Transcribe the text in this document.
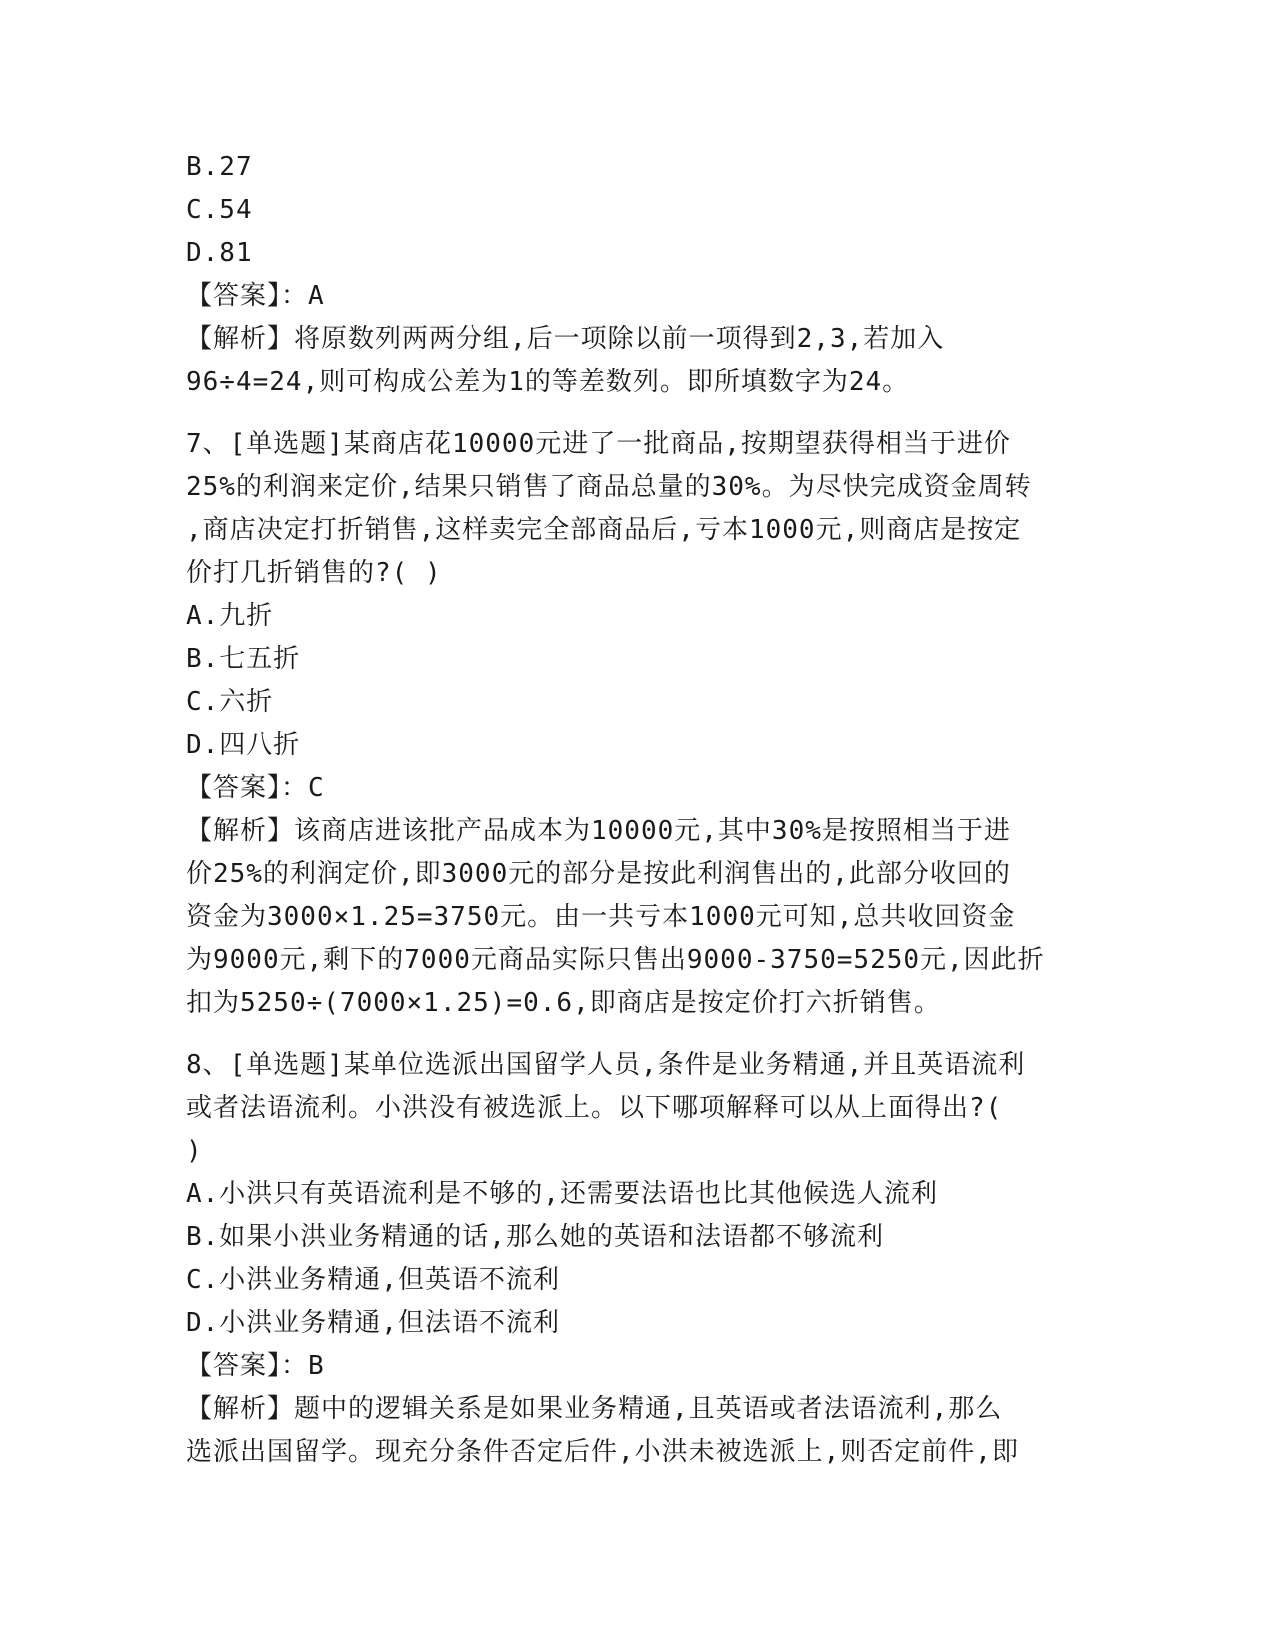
B.27
C.54
D.81
【答案】：A
【解析】将原数列两两分组,后一项除以前一项得到2,3,若加入
96÷4=24,则可构成公差为1的等差数列。即所填数字为24。
7、[单选题]某商店花10000元进了一批商品,按期望获得相当于进价
25%的利润来定价,结果只销售了商品总量的30%。为尽快完成资金周转
,商店决定打折销售,这样卖完全部商品后,亏本1000元,则商店是按定
价打几折销售的?( )
A.九折
B.七五折
C.六折
D.四八折
【答案】：C
【解析】该商店进该批产品成本为10000元,其中30%是按照相当于进
价25%的利润定价,即3000元的部分是按此利润售出的,此部分收回的
资金为3000×1.25=3750元。由一共亏本1000元可知,总共收回资金
为9000元,剩下的7000元商品实际只售出9000-3750=5250元,因此折
扣为5250÷(7000×1.25)=0.6,即商店是按定价打六折销售。
8、[单选题]某单位选派出国留学人员,条件是业务精通,并且英语流利
或者法语流利。小洪没有被选派上。以下哪项解释可以从上面得出?(
)
A.小洪只有英语流利是不够的,还需要法语也比其他候选人流利
B.如果小洪业务精通的话,那么她的英语和法语都不够流利
C.小洪业务精通,但英语不流利
D.小洪业务精通,但法语不流利
【答案】：B
【解析】题中的逻辑关系是如果业务精通,且英语或者法语流利,那么
选派出国留学。现充分条件否定后件,小洪未被选派上,则否定前件,即
